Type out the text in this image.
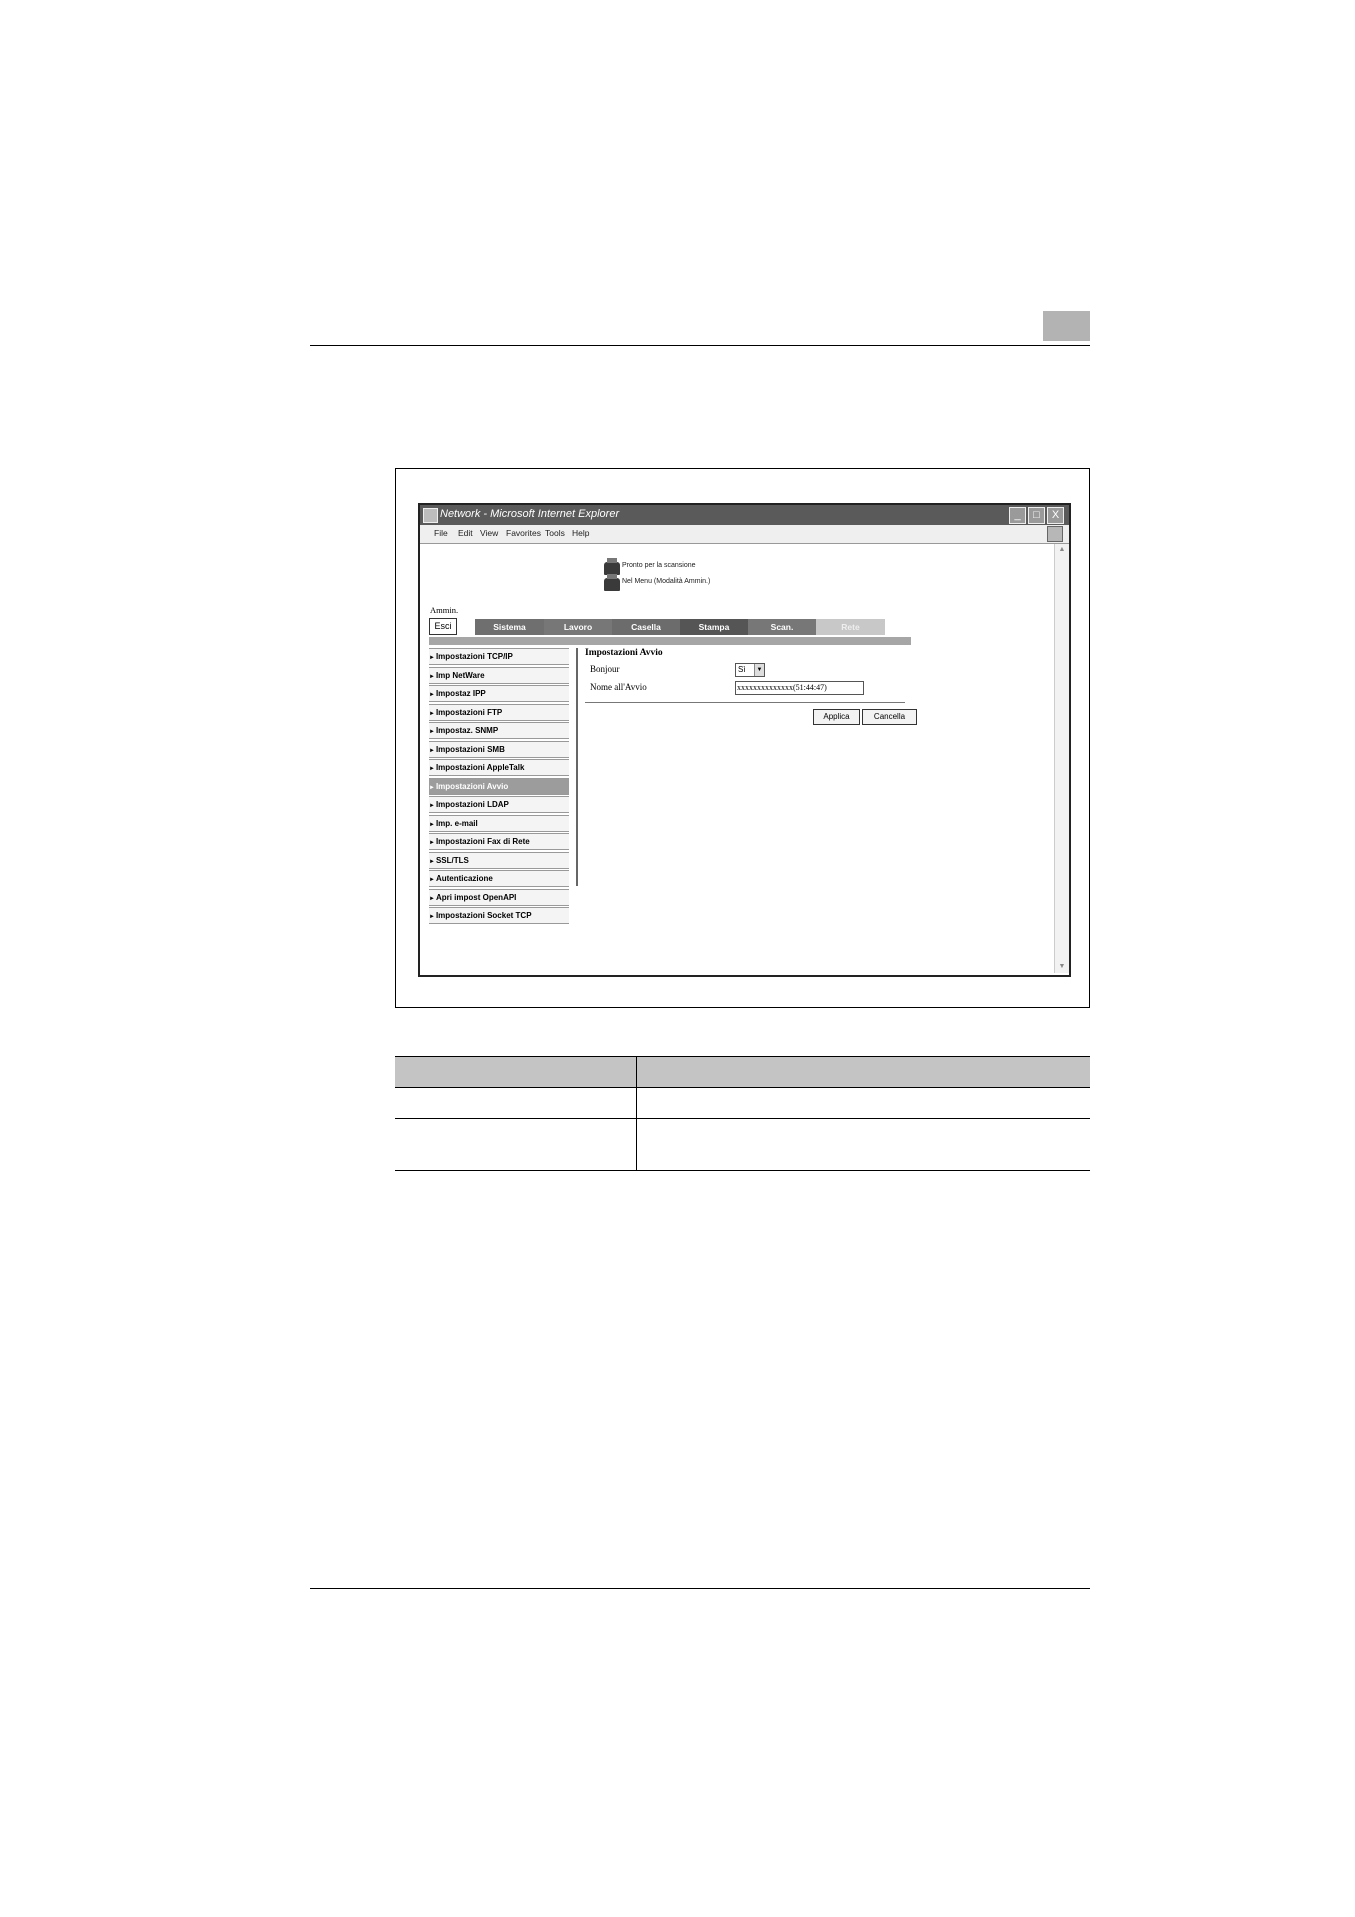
Network - Microsoft Internet Explorer	_	□	X
File Edit View Favorites Tools Help
Pronto per la scansione
Nel Menu (Modalità Ammin.)
Ammin.
Esci	Sistema	Lavoro	Casella	Stampa	Scan.	Rete
►Impostazioni TCP/IP
►Imp NetWare
►Impostaz IPP
►Impostazioni FTP
►Impostaz. SNMP
►Impostazioni SMB
►Impostazioni AppleTalk
►Impostazioni Avvio
►Impostazioni LDAP
►Imp. e-mail
►Impostazioni Fax di Rete
►SSL/TLS
►Autenticazione
►Apri impost OpenAPI
►Impostazioni Socket TCP
Impostazioni Avvio
Bonjour	Sì	▼
Nome all'Avvio	xxxxxxxxxxxxxx(51:44:47)
Applica	Cancella
▲
▼
